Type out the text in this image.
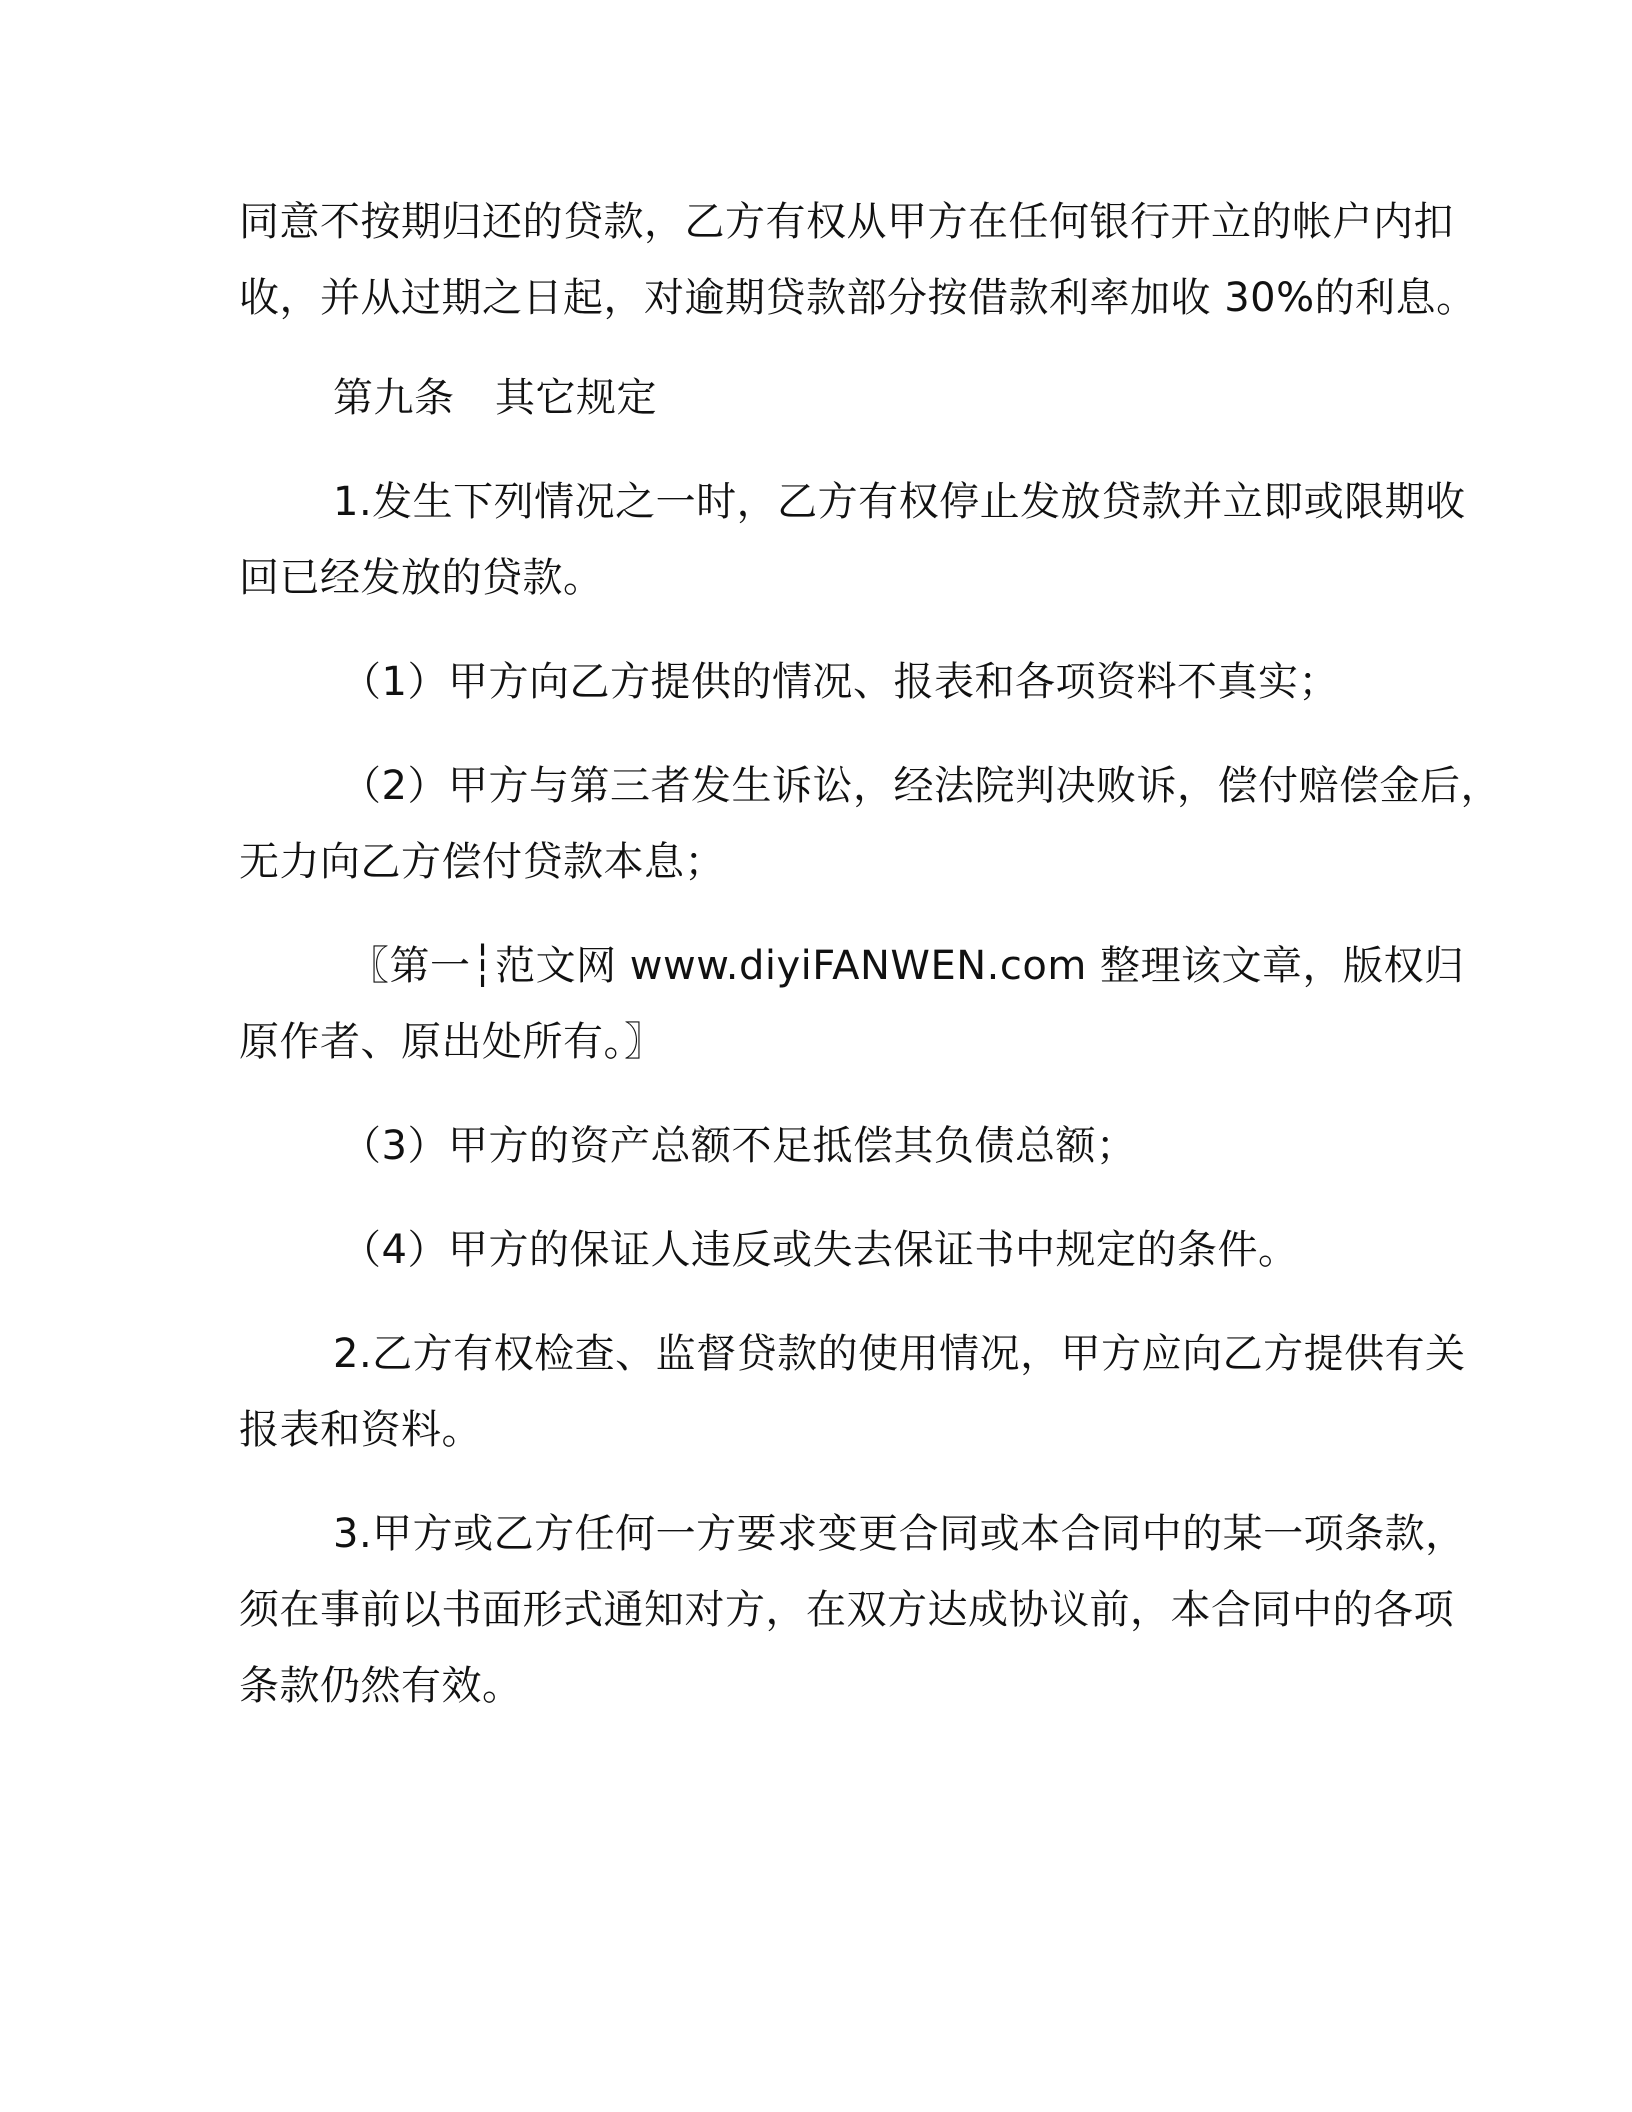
同意不按期归还的贷款，乙方有权从甲方在任何银行开立的帐户内扣
收，并从过期之日起，对逾期贷款部分按借款利率加收 30%的利息。
第九条　其它规定
1.发生下列情况之一时，乙方有权停止发放贷款并立即或限期收
回已经发放的贷款。
（1）甲方向乙方提供的情况、报表和各项资料不真实；
（2）甲方与第三者发生诉讼，经法院判决败诉，偿付赔偿金后，
无力向乙方偿付贷款本息；
〖第一┆范文网 www.diyiFANWEN.com 整理该文章，版权归
原作者、原出处所有。〗
（3）甲方的资产总额不足抵偿其负债总额；
（4）甲方的保证人违反或失去保证书中规定的条件。
2.乙方有权检查、监督贷款的使用情况，甲方应向乙方提供有关
报表和资料。
3.甲方或乙方任何一方要求变更合同或本合同中的某一项条款，
须在事前以书面形式通知对方，在双方达成协议前，本合同中的各项
条款仍然有效。
